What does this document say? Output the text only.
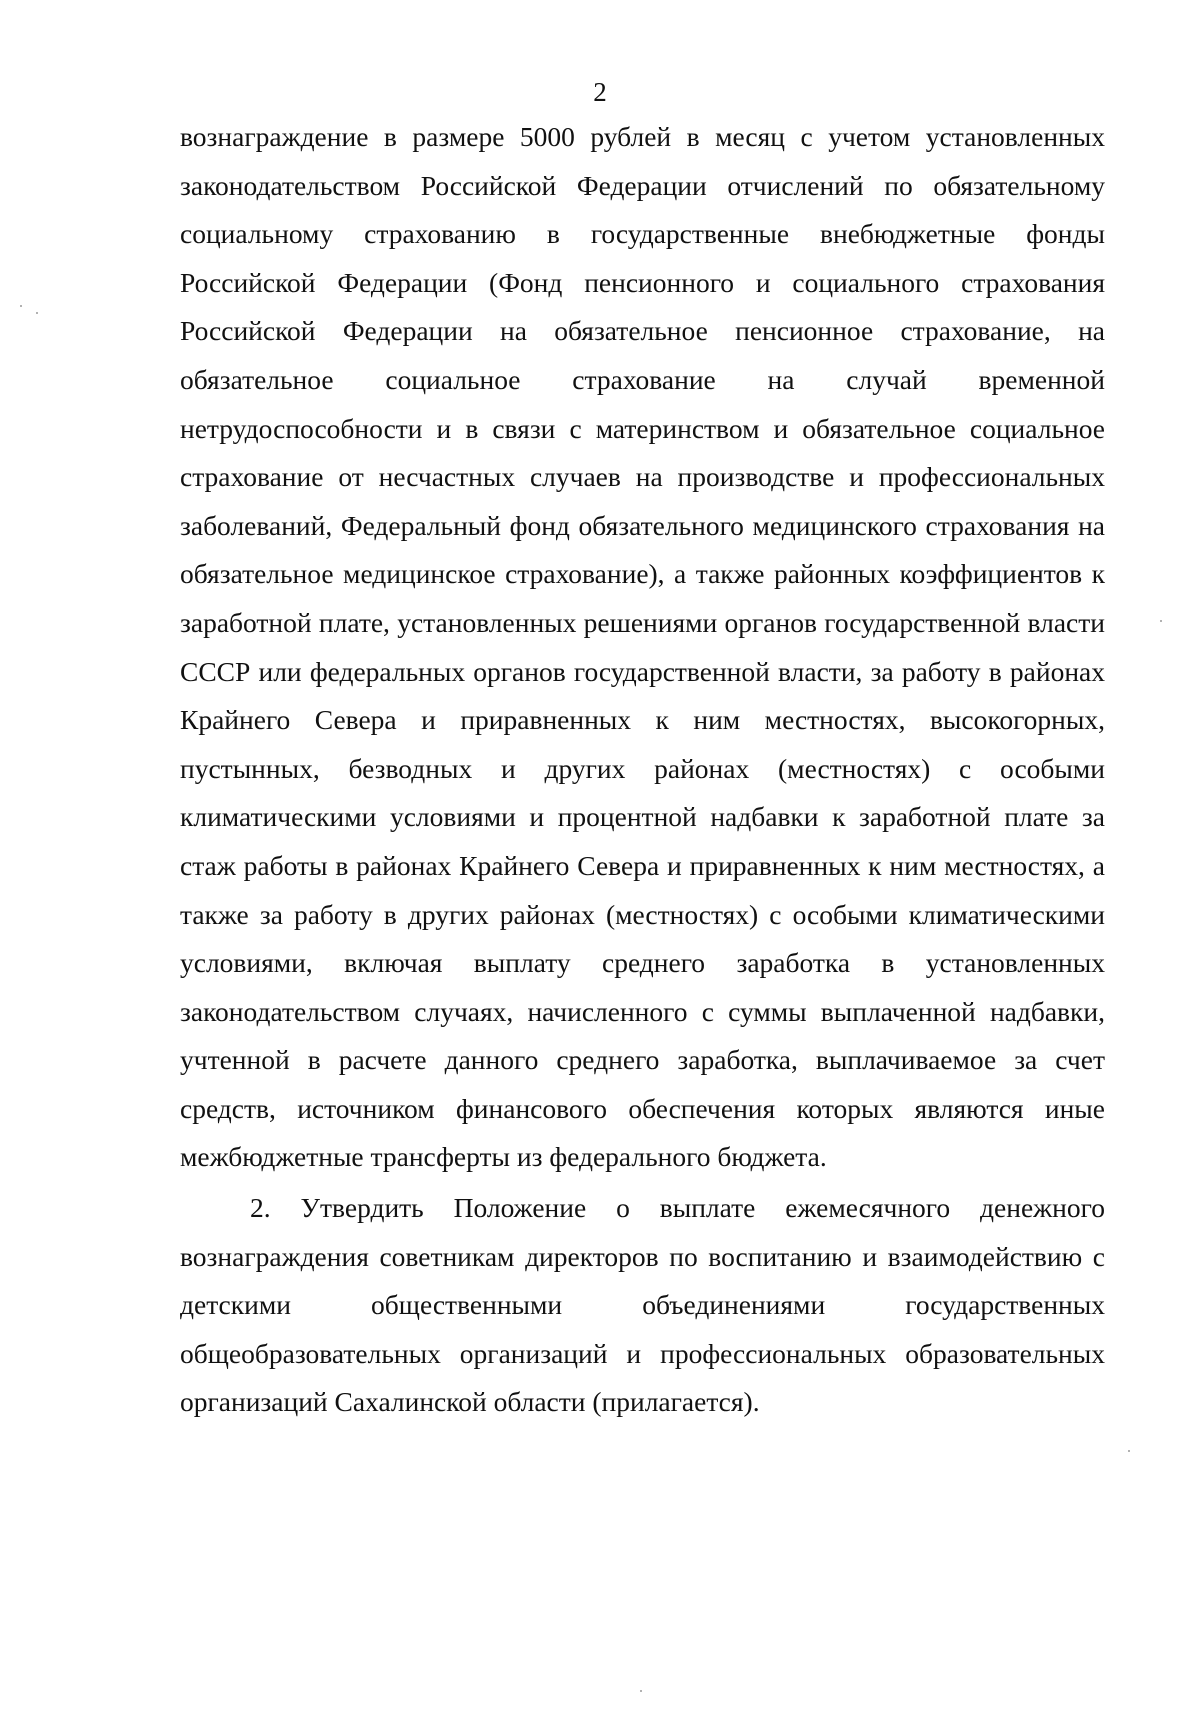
2

вознаграждение в размере 5000 рублей в месяц с учетом установленных законодательством Российской Федерации отчислений по обязательному социальному страхованию в государственные внебюджетные фонды Российской Федерации (Фонд пенсионного и социального страхования Российской Федерации на обязательное пенсионное страхование, на обязательное социальное страхование на случай временной нетрудоспособности и в связи с материнством и обязательное социальное страхование от несчастных случаев на производстве и профессиональных заболеваний, Федеральный фонд обязательного медицинского страхования на обязательное медицинское страхование), а также районных коэффициентов к заработной плате, установленных решениями органов государственной власти СССР или федеральных органов государственной власти, за работу в районах Крайнего Севера и приравненных к ним местностях, высокогорных, пустынных, безводных и других районах (местностях) с особыми климатическими условиями и процентной надбавки к заработной плате за стаж работы в районах Крайнего Севера и приравненных к ним местностях, а также за работу в других районах (местностях) с особыми климатическими условиями, включая выплату среднего заработка в установленных законодательством случаях, начисленного с суммы выплаченной надбавки, учтенной в расчете данного среднего заработка, выплачиваемое за счет средств, источником финансового обеспечения которых являются иные межбюджетные трансферты из федерального бюджета.

2. Утвердить Положение о выплате ежемесячного денежного вознаграждения советникам директоров по воспитанию и взаимодействию с детскими общественными объединениями государственных общеобразовательных организаций и профессиональных образовательных организаций Сахалинской области (прилагается).
